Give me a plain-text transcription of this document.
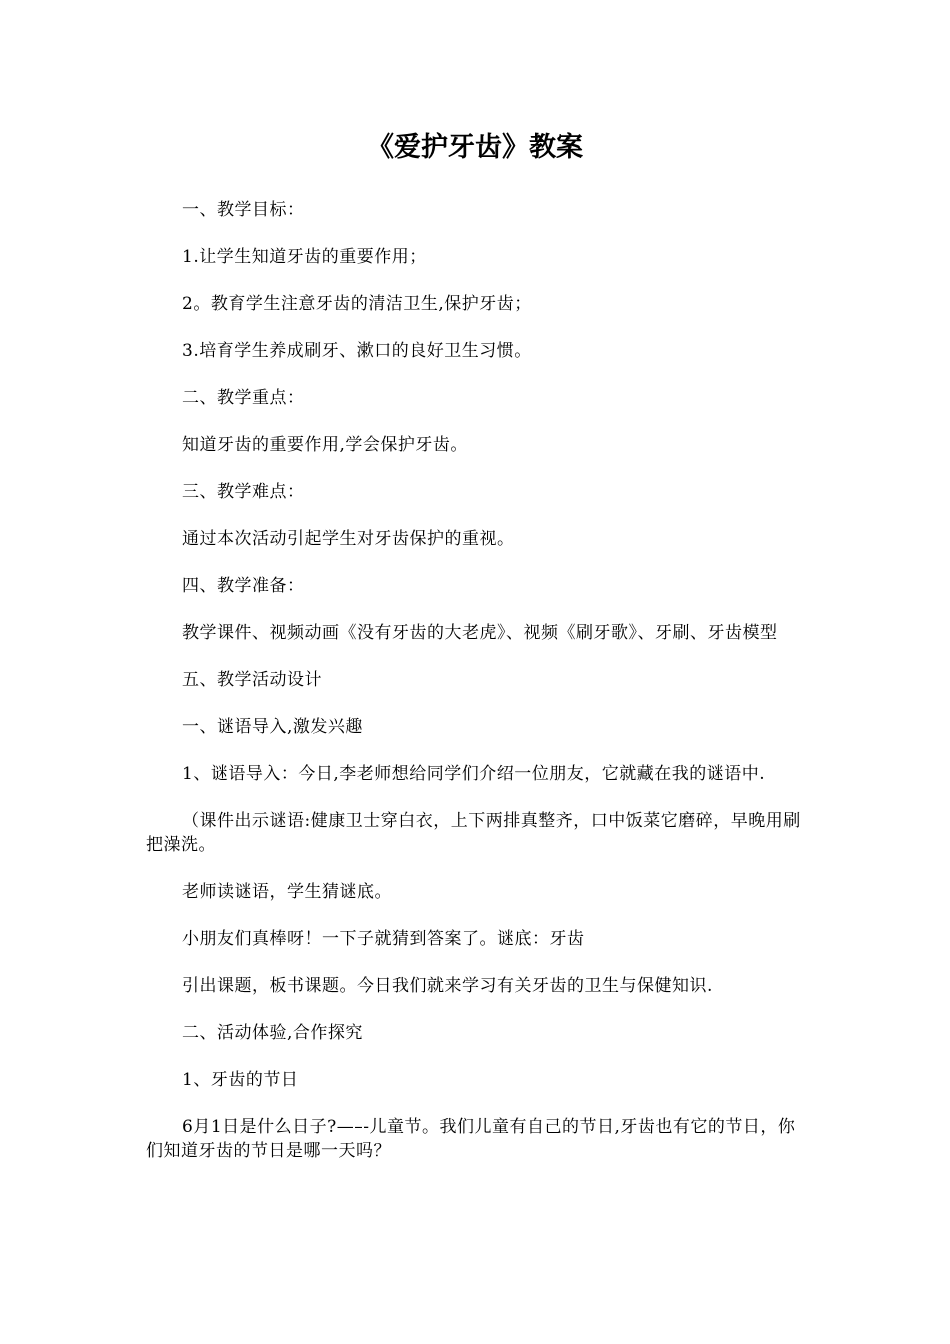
《爱护牙齿》教案

一、教学目标：

1.让学生知道牙齿的重要作用；

2。教育学生注意牙齿的清洁卫生,保护牙齿；

3.培育学生养成刷牙、漱口的良好卫生习惯。

二、教学重点：

知道牙齿的重要作用,学会保护牙齿。

三、教学难点：

通过本次活动引起学生对牙齿保护的重视。

四、教学准备：

教学课件、视频动画《没有牙齿的大老虎》、视频《刷牙歌》、牙刷、牙齿模型

五、教学活动设计

一、谜语导入,激发兴趣

1、谜语导入：今日,李老师想给同学们介绍一位朋友，它就藏在我的谜语中.

（课件出示谜语:健康卫士穿白衣，上下两排真整齐，口中饭菜它磨碎，早晚用刷把澡洗。

老师读谜语，学生猜谜底。

小朋友们真棒呀！一下子就猜到答案了。谜底：牙齿

引出课题，板书课题。今日我们就来学习有关牙齿的卫生与保健知识.

二、活动体验,合作探究

1、牙齿的节日

6月1日是什么日子?—–-儿童节。我们儿童有自己的节日,牙齿也有它的节日，你们知道牙齿的节日是哪一天吗？
